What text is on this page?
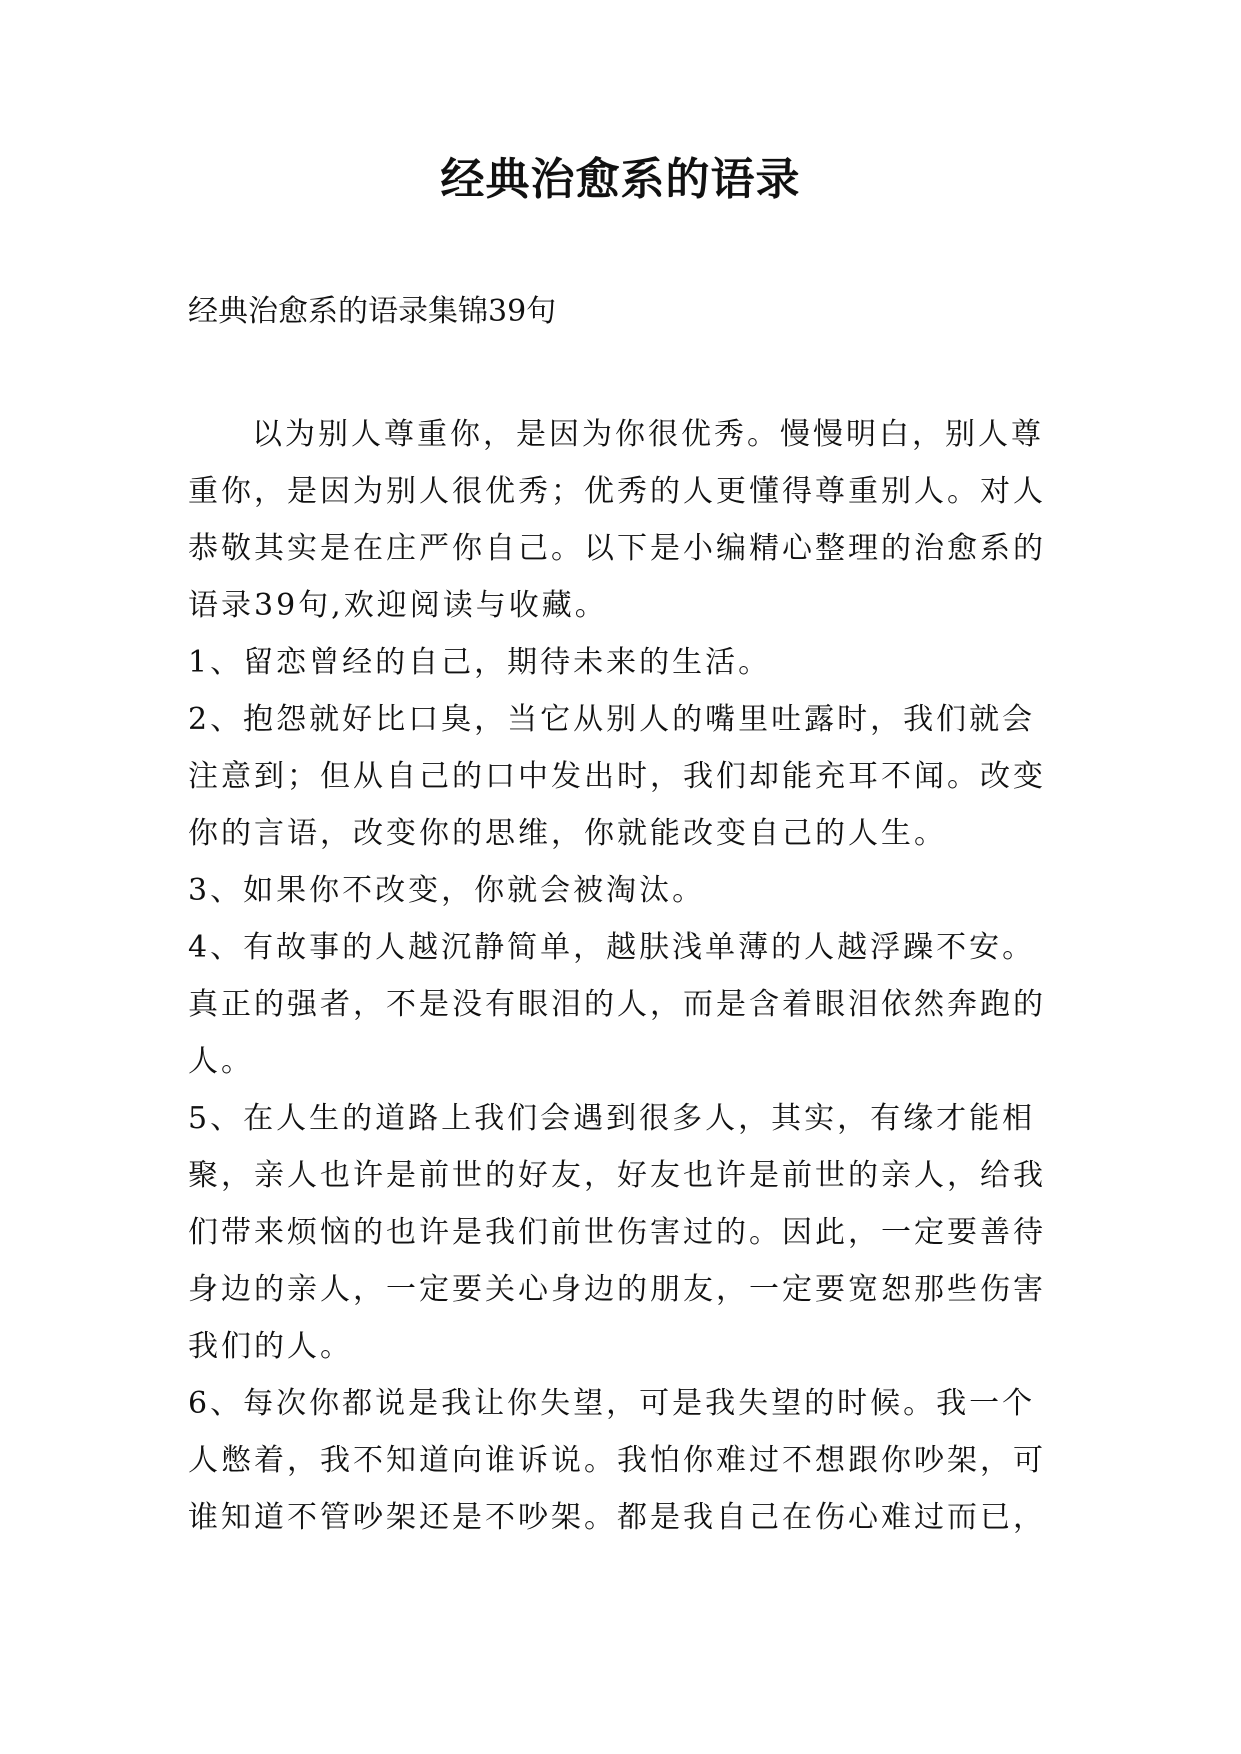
经典治愈系的语录

经典治愈系的语录集锦39句

以为别人尊重你，是因为你很优秀。慢慢明白，别人尊重你，是因为别人很优秀；优秀的人更懂得尊重别人。对人恭敬其实是在庄严你自己。以下是小编精心整理的治愈系的语录39句,欢迎阅读与收藏。

1、留恋曾经的自己，期待未来的生活。

2、抱怨就好比口臭，当它从别人的嘴里吐露时，我们就会注意到；但从自己的口中发出时，我们却能充耳不闻。改变你的言语，改变你的思维，你就能改变自己的人生。

3、如果你不改变，你就会被淘汰。

4、有故事的人越沉静简单，越肤浅单薄的人越浮躁不安。真正的强者，不是没有眼泪的人，而是含着眼泪依然奔跑的人。

5、在人生的道路上我们会遇到很多人，其实，有缘才能相聚，亲人也许是前世的好友，好友也许是前世的亲人，给我们带来烦恼的也许是我们前世伤害过的。因此，一定要善待身边的亲人，一定要关心身边的朋友，一定要宽恕那些伤害我们的人。

6、每次你都说是我让你失望，可是我失望的时候。我一个人憋着，我不知道向谁诉说。我怕你难过不想跟你吵架，可谁知道不管吵架还是不吵架。都是我自己在伤心难过而已，
